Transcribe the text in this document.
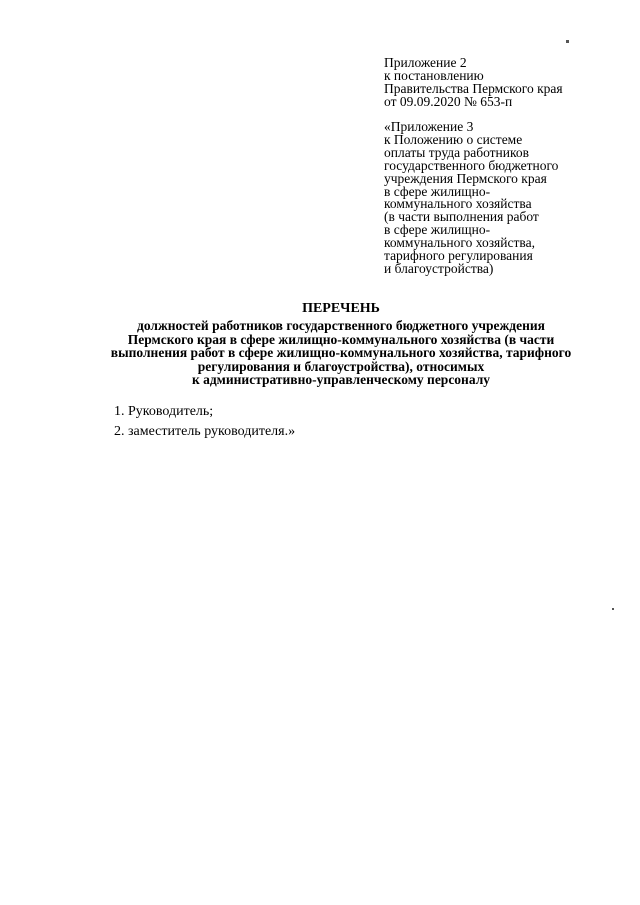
Приложение 2
к постановлению
Правительства Пермского края
от 09.09.2020 № 653-п
«Приложение 3
к Положению о системе
оплаты труда работников
государственного бюджетного
учреждения Пермского края
в сфере жилищно-
коммунального хозяйства
(в части выполнения работ
в сфере жилищно-
коммунального хозяйства,
тарифного регулирования
и благоустройства)
ПЕРЕЧЕНЬ
должностей работников государственного бюджетного учреждения
Пермского края в сфере жилищно-коммунального хозяйства (в части
выполнения работ в сфере жилищно-коммунального хозяйства, тарифного
регулирования и благоустройства), относимых
к административно-управленческому персоналу
1. Руководитель;
2. заместитель руководителя.»
